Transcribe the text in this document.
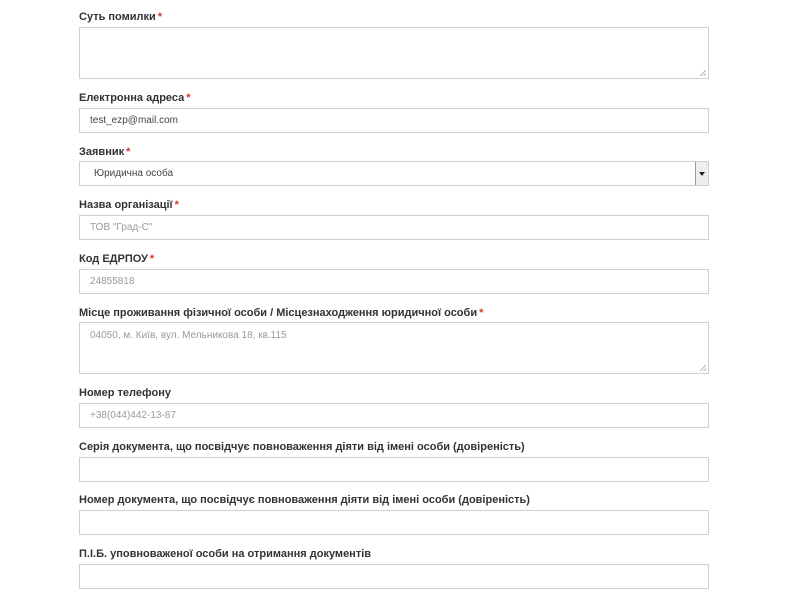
Суть помилки *
Електронна адреса *
test_ezp@mail.com
Заявник *
Юридична особа
Назва організації *
ТОВ "Град-С"
Код ЕДРПОУ *
24855818
Місце проживання фізичної особи / Місцезнаходження юридичної особи *
04050, м. Київ, вул. Мельникова 18, кв.115
Номер телефону
+38(044)442-13-87
Серія документа, що посвідчує повноваження діяти від імені особи (довіреність)
Номер документа, що посвідчує повноваження діяти від імені особи (довіреність)
П.І.Б. уповноваженої особи на отримання документів
